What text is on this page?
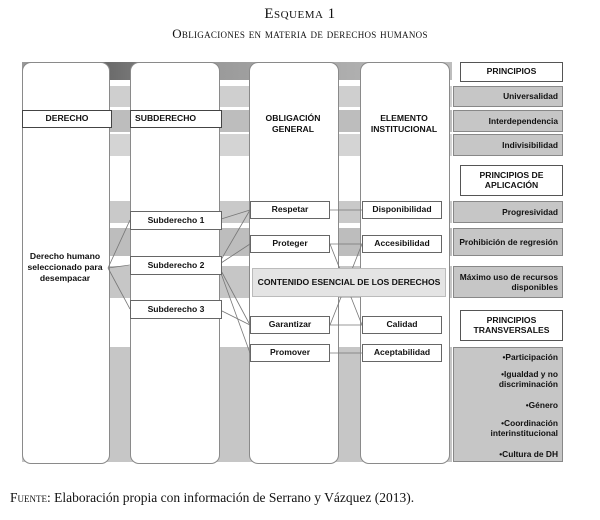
Esquema 1
Obligaciones en materia de derechos humanos
DERECHO	SUBDERECHO	OBLIGACIÓN GENERAL
ELEMENTO INSTITUCIONAL
Derecho humano seleccionado para desempacar
Subderecho 1
Subderecho 2
Subderecho 3
Respetar
Proteger
Garantizar
Promover
CONTENIDO ESENCIAL DE LOS DERECHOS
Disponibilidad
Accesibilidad
Calidad
Aceptabilidad
PRINCIPIOS
Universalidad
Interdependencia
Indivisibilidad
PRINCIPIOS DE APLICACIÓN
Progresividad
Prohibición de regresión
Máximo uso de recursos disponibles
PRINCIPIOS TRANSVERSALES
•Participación
•Igualdad y no discriminación
•Género
•Coordinación interinstitucional
•Cultura de DH
Fuente: Elaboración propia con información de Serrano y Vázquez (2013).
